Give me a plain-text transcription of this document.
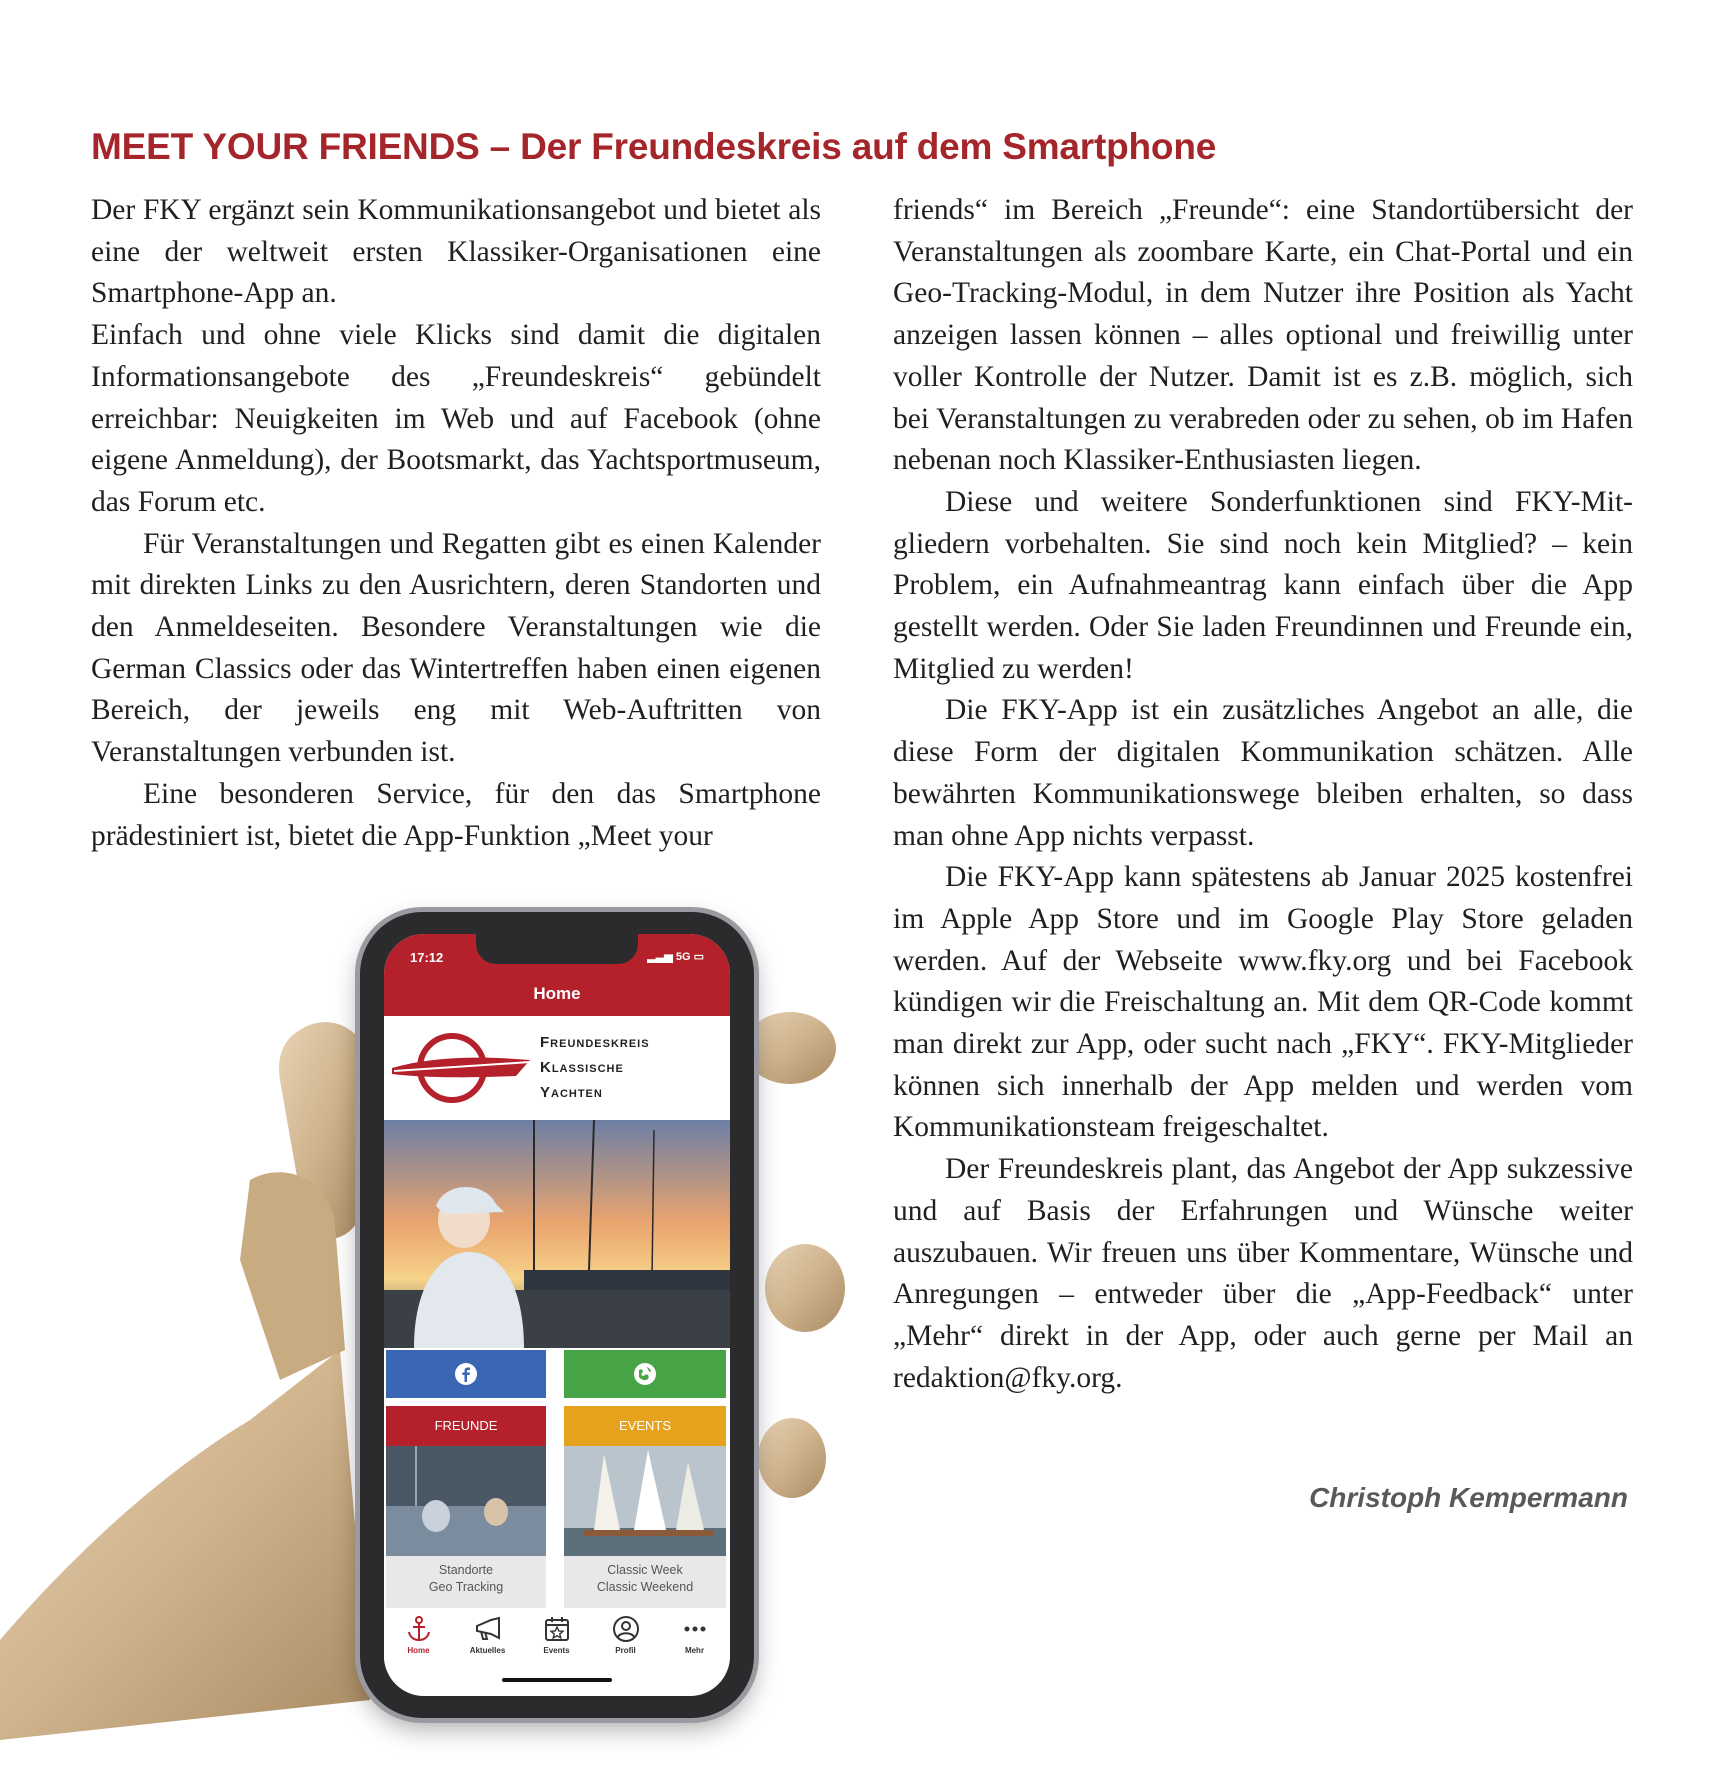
MEET YOUR FRIENDS – Der Freundeskreis auf dem Smartphone

Der FKY ergänzt sein Kommunikationsangebot und bietet als eine der weltweit ersten Klassiker-Organisationen eine Smartphone-App an.

Einfach und ohne viele Klicks sind damit die digitalen Informationsangebote des „Freundeskreis“ gebündelt erreichbar: Neuigkeiten im Web und auf Facebook (ohne eigene Anmeldung), der Bootsmarkt, das Yachtsportmuseum, das Forum etc.

Für Veranstaltungen und Regatten gibt es einen Kalender mit direkten Links zu den Ausrichtern, deren Standorten und den Anmeldeseiten. Besondere Veranstaltungen wie die German Classics oder das Wintertreffen haben einen eigenen Bereich, der jeweils eng mit Web-Auftritten von Veranstaltungen verbunden ist.

Eine besonderen Service, für den das Smartphone prädestiniert ist, bietet die App-Funktion „Meet your

friends“ im Bereich „Freunde“: eine Standortübersicht der Veranstaltungen als zoombare Karte, ein Chat-Portal und ein Geo-Tracking-Modul, in dem Nutzer ihre Position als Yacht anzeigen lassen können – alles optional und freiwillig unter voller Kontrolle der Nutzer. Damit ist es z.B. möglich, sich bei Veranstaltungen zu verabreden oder zu sehen, ob im Hafen nebenan noch Klassiker-Enthusiasten liegen.

Diese und weitere Sonderfunktionen sind FKY-Mitgliedern vorbehalten. Sie sind noch kein Mitglied? – kein Problem, ein Aufnahmeantrag kann einfach über die App gestellt werden. Oder Sie laden Freundinnen und Freunde ein, Mitglied zu werden!

Die FKY-App ist ein zusätzliches Angebot an alle, die diese Form der digitalen Kommunikation schätzen. Alle bewährten Kommunikationswege bleiben erhalten, so dass man ohne App nichts verpasst.

Die FKY-App kann spätestens ab Januar 2025 kostenfrei im Apple App Store und im Google Play Store geladen werden. Auf der Webseite www.fky.org und bei Facebook kündigen wir die Freischaltung an. Mit dem QR-Code kommt man direkt zur App, oder sucht nach „FKY“. FKY-Mitglieder können sich innerhalb der App melden und werden vom Kommunikationsteam freigeschaltet.

Der Freundeskreis plant, das Angebot der App sukzessive und auf Basis der Erfahrungen und Wünsche weiter auszubauen. Wir freuen uns über Kommentare, Wünsche und Anregungen – entweder über die „App-Feedback“ unter „Mehr“ direkt in der App, oder auch gerne per Mail an redaktion@fky.org.

Christoph Kempermann
17:12	▂▃▅ 5G ▭
Home
Freundeskreis
Klassische
Yachten
FREUNDE	EVENTS
Standorte
Geo Tracking
Classic Week
Classic Weekend
Home	Aktuelles	Events	Profil	Mehr
